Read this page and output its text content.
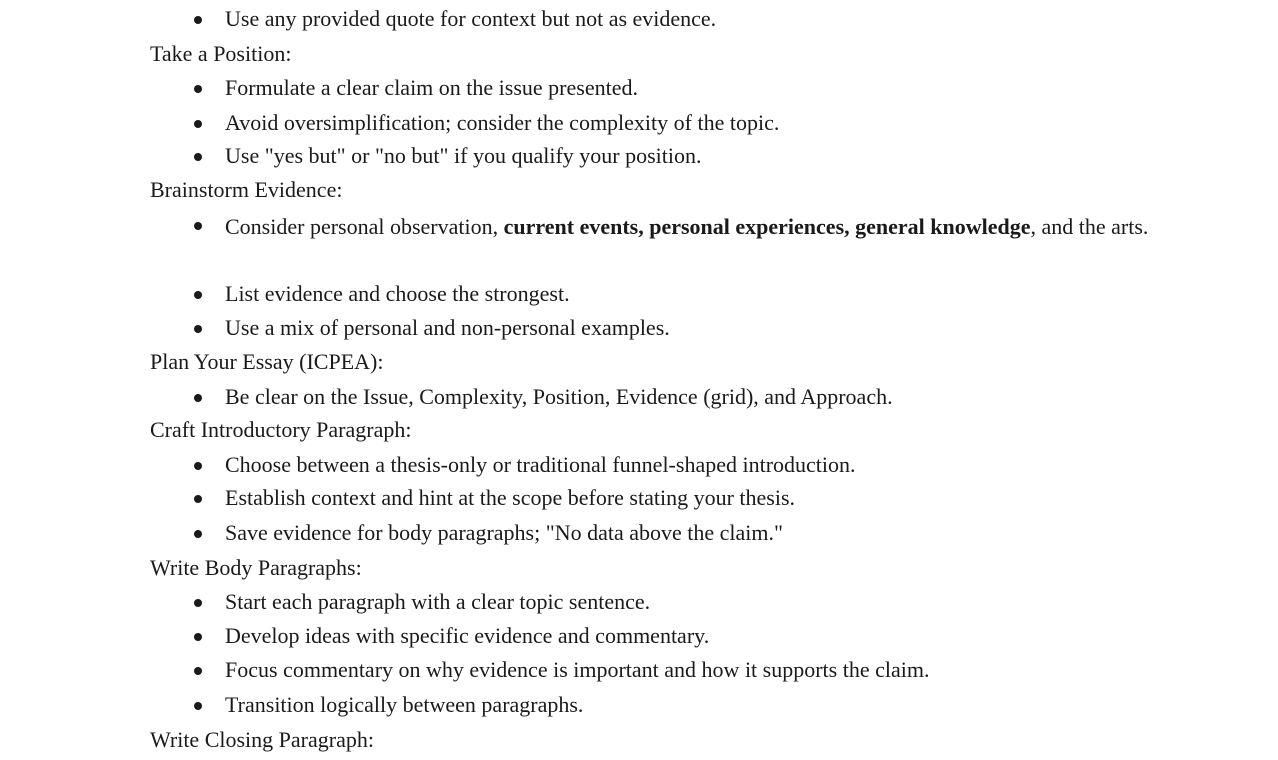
Use any provided quote for context but not as evidence.
Take a Position:
Formulate a clear claim on the issue presented.
Avoid oversimplification; consider the complexity of the topic.
Use "yes but" or "no but" if you qualify your position.
Brainstorm Evidence:
Consider personal observation, current events, personal experiences, general knowledge, and the arts.
List evidence and choose the strongest.
Use a mix of personal and non-personal examples.
Plan Your Essay (ICPEA):
Be clear on the Issue, Complexity, Position, Evidence (grid), and Approach.
Craft Introductory Paragraph:
Choose between a thesis-only or traditional funnel-shaped introduction.
Establish context and hint at the scope before stating your thesis.
Save evidence for body paragraphs; "No data above the claim."
Write Body Paragraphs:
Start each paragraph with a clear topic sentence.
Develop ideas with specific evidence and commentary.
Focus commentary on why evidence is important and how it supports the claim.
Transition logically between paragraphs.
Write Closing Paragraph:
